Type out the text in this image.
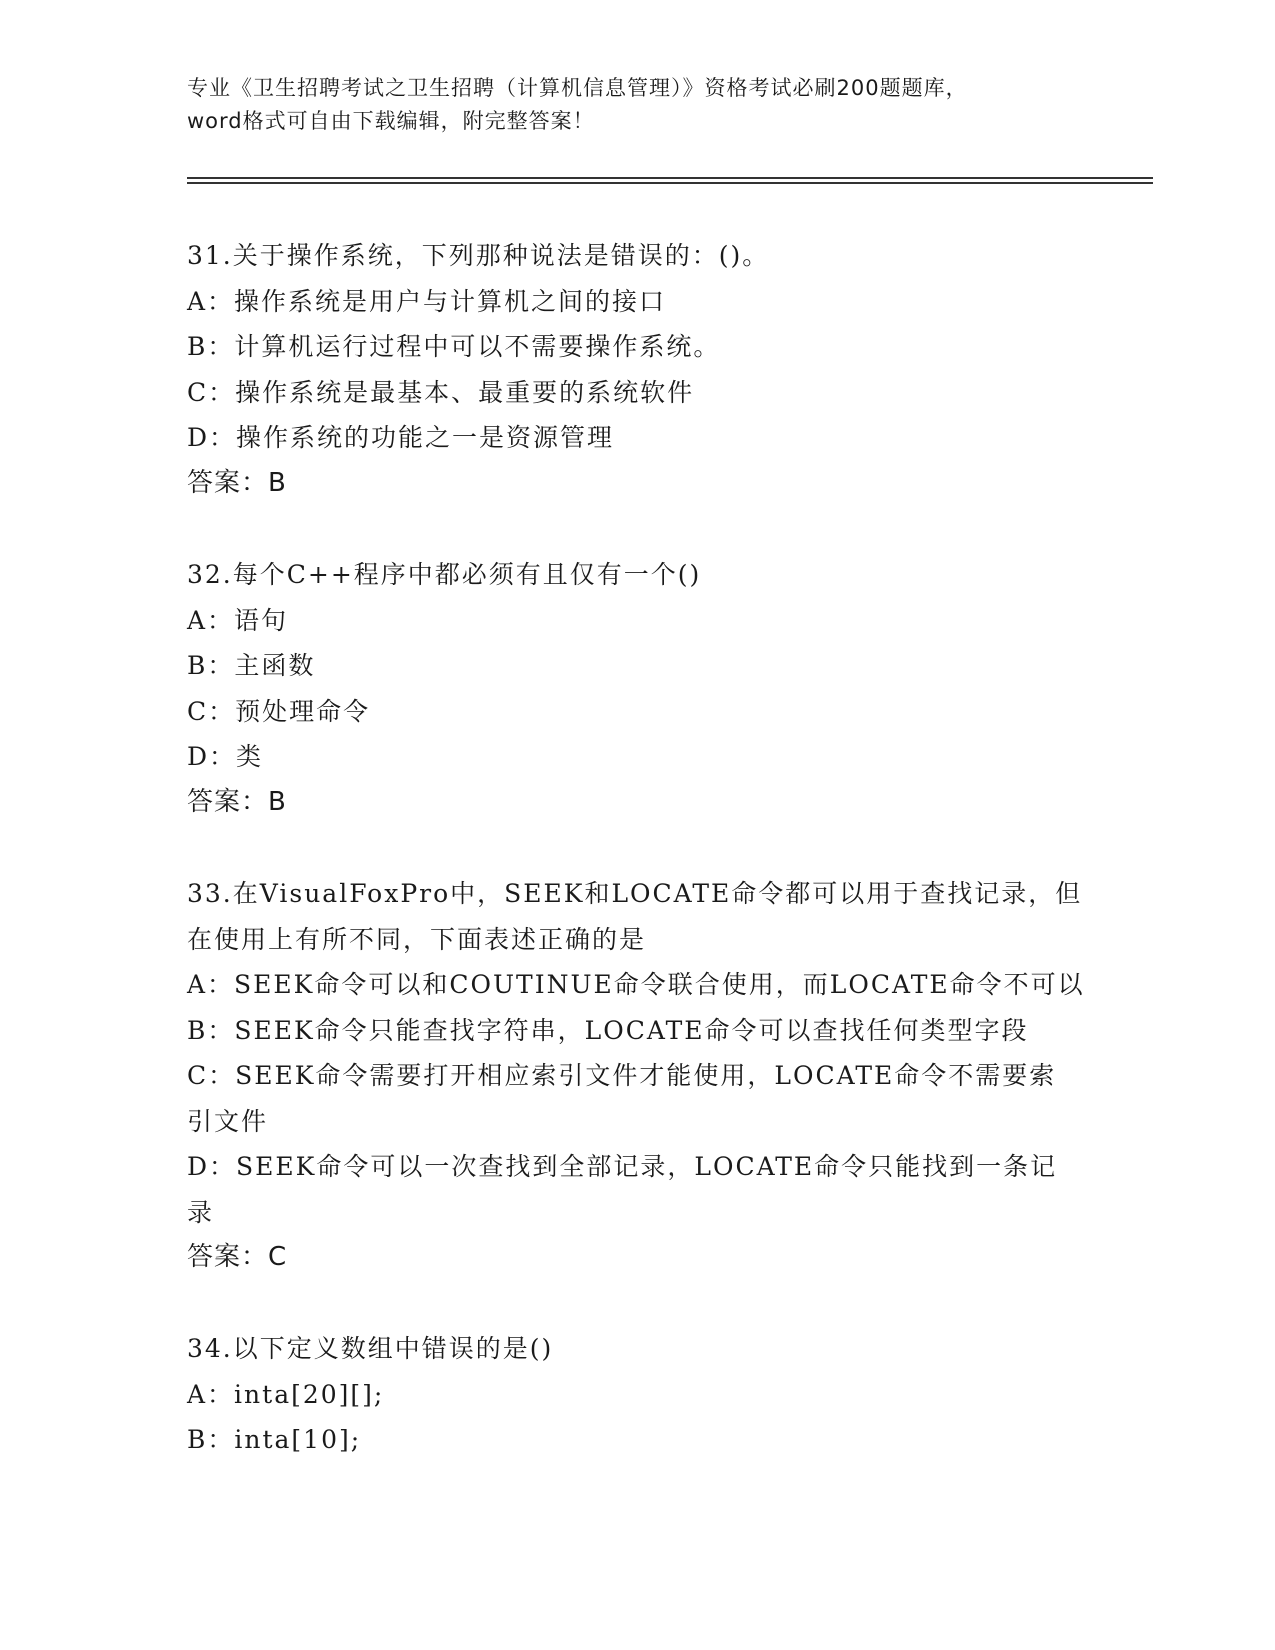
专业《卫生招聘考试之卫生招聘（计算机信息管理）》资格考试必刷200题题库，
word格式可自由下载编辑，附完整答案！
31.关于操作系统，下列那种说法是错误的：()。
A：操作系统是用户与计算机之间的接口
B：计算机运行过程中可以不需要操作系统。
C：操作系统是最基本、最重要的系统软件
D：操作系统的功能之一是资源管理
答案：B
32.每个C++程序中都必须有且仅有一个()
A：语句
B：主函数
C：预处理命令
D：类
答案：B
33.在VisualFoxPro中，SEEK和LOCATE命令都可以用于查找记录，但
在使用上有所不同，下面表述正确的是
A：SEEK命令可以和COUTINUE命令联合使用，而LOCATE命令不可以
B：SEEK命令只能查找字符串，LOCATE命令可以查找任何类型字段
C：SEEK命令需要打开相应索引文件才能使用，LOCATE命令不需要索
引文件
D：SEEK命令可以一次查找到全部记录，LOCATE命令只能找到一条记
录
答案：C
34.以下定义数组中错误的是()
A：inta[20][];
B：inta[10];
